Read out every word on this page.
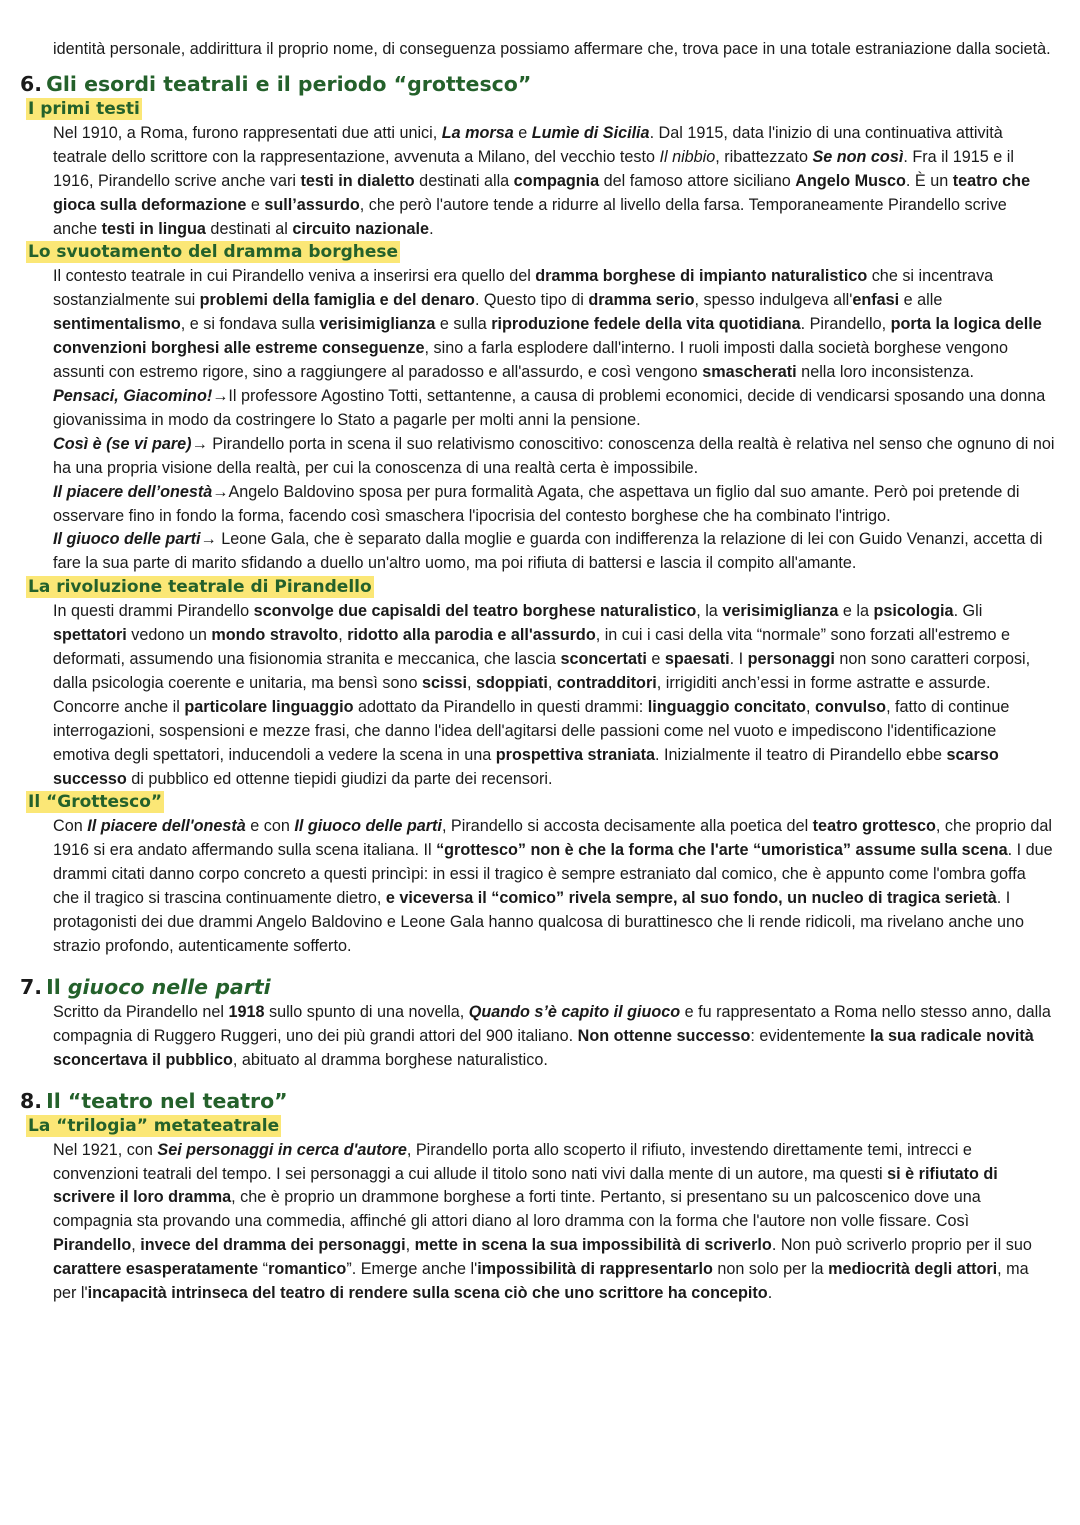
identità personale, addirittura il proprio nome, di conseguenza possiamo affermare che, trova pace in una totale estraniazione dalla società.

6. Gli esordi teatrali e il periodo “grottesco”
I primi testi

Nel 1910, a Roma, furono rappresentati due atti unici, La morsa e Lumìe di Sicilia. Dal 1915, data l'inizio di una continuativa attività teatrale dello scrittore con la rappresentazione, avvenuta a Milano, del vecchio testo Il nibbio, ribattezzato Se non così. Fra il 1915 e il 1916, Pirandello scrive anche vari testi in dialetto destinati alla compagnia del famoso attore siciliano Angelo Musco. È un teatro che gioca sulla deformazione e sull’assurdo, che però l'autore tende a ridurre al livello della farsa. Temporaneamente Pirandello scrive anche testi in lingua destinati al circuito nazionale.

Lo svuotamento del dramma borghese

Il contesto teatrale in cui Pirandello veniva a inserirsi era quello del dramma borghese di impianto naturalistico che si incentrava sostanzialmente sui problemi della famiglia e del denaro. Questo tipo di dramma serio, spesso indulgeva all'enfasi e alle sentimentalismo, e si fondava sulla verisimiglianza e sulla riproduzione fedele della vita quotidiana. Pirandello, porta la logica delle convenzioni borghesi alle estreme conseguenze, sino a farla esplodere dall'interno. I ruoli imposti dalla società borghese vengono assunti con estremo rigore, sino a raggiungere al paradosso e all'assurdo, e così vengono smascherati nella loro inconsistenza.
Pensaci, Giacomino!→Il professore Agostino Totti, settantenne, a causa di problemi economici, decide di vendicarsi sposando una donna giovanissima in modo da costringere lo Stato a pagarle per molti anni la pensione.
Così è (se vi pare)→ Pirandello porta in scena il suo relativismo conoscitivo: conoscenza della realtà è relativa nel senso che ognuno di noi ha una propria visione della realtà, per cui la conoscenza di una realtà certa è impossibile.
Il piacere dell’onestà→Angelo Baldovino sposa per pura formalità Agata, che aspettava un figlio dal suo amante. Però poi pretende di osservare fino in fondo la forma, facendo così smaschera l'ipocrisia del contesto borghese che ha combinato l'intrigo.
Il giuoco delle parti→ Leone Gala, che è separato dalla moglie e guarda con indifferenza la relazione di lei con Guido Venanzi, accetta di fare la sua parte di marito sfidando a duello un'altro uomo, ma poi rifiuta di battersi e lascia il compito all'amante.

La rivoluzione teatrale di Pirandello

In questi drammi Pirandello sconvolge due capisaldi del teatro borghese naturalistico, la verisimiglianza e la psicologia. Gli spettatori vedono un mondo stravolto, ridotto alla parodia e all'assurdo, in cui i casi della vita “normale” sono forzati all'estremo e deformati, assumendo una fisionomia stranita e meccanica, che lascia sconcertati e spaesati. I personaggi non sono caratteri corposi, dalla psicologia coerente e unitaria, ma bensì sono scissi, sdoppiati, contradditori, irrigiditi anch’essi in forme astratte e assurde. Concorre anche il particolare linguaggio adottato da Pirandello in questi drammi: linguaggio concitato, convulso, fatto di continue interrogazioni, sospensioni e mezze frasi, che danno l'idea dell'agitarsi delle passioni come nel vuoto e impediscono l'identificazione emotiva degli spettatori, inducendoli a vedere la scena in una prospettiva straniata. Inizialmente il teatro di Pirandello ebbe scarso successo di pubblico ed ottenne tiepidi giudizi da parte dei recensori.

Il “Grottesco”

Con Il piacere dell'onestà e con Il giuoco delle parti, Pirandello si accosta decisamente alla poetica del teatro grottesco, che proprio dal 1916 si era andato affermando sulla scena italiana. Il “grottesco” non è che la forma che l'arte “umoristica” assume sulla scena. I due drammi citati danno corpo concreto a questi princìpi: in essi il tragico è sempre estraniato dal comico, che è appunto come l'ombra goffa che il tragico si trascina continuamente dietro, e viceversa il “comico” rivela sempre, al suo fondo, un nucleo di tragica serietà. I protagonisti dei due drammi Angelo Baldovino e Leone Gala hanno qualcosa di burattinesco che li rende ridicoli, ma rivelano anche uno strazio profondo, autenticamente sofferto.

7. Il giuoco nelle parti

Scritto da Pirandello nel 1918 sullo spunto di una novella, Quando s’è capito il giuoco e fu rappresentato a Roma nello stesso anno, dalla compagnia di Ruggero Ruggeri, uno dei più grandi attori del 900 italiano. Non ottenne successo: evidentemente la sua radicale novità sconcertava il pubblico, abituato al dramma borghese naturalistico.

8. Il “teatro nel teatro”
La “trilogia” metateatrale

Nel 1921, con Sei personaggi in cerca d'autore, Pirandello porta allo scoperto il rifiuto, investendo direttamente temi, intrecci e convenzioni teatrali del tempo. I sei personaggi a cui allude il titolo sono nati vivi dalla mente di un autore, ma questi si è rifiutato di scrivere il loro dramma, che è proprio un drammone borghese a forti tinte. Pertanto, si presentano su un palcoscenico dove una compagnia sta provando una commedia, affinché gli attori diano al loro dramma con la forma che l'autore non volle fissare. Così Pirandello, invece del dramma dei personaggi, mette in scena la sua impossibilità di scriverlo. Non può scriverlo proprio per il suo carattere esasperatamente “romantico”. Emerge anche l'impossibilità di rappresentarlo non solo per la mediocrità degli attori, ma per l'incapacità intrinseca del teatro di rendere sulla scena ciò che uno scrittore ha concepito.
